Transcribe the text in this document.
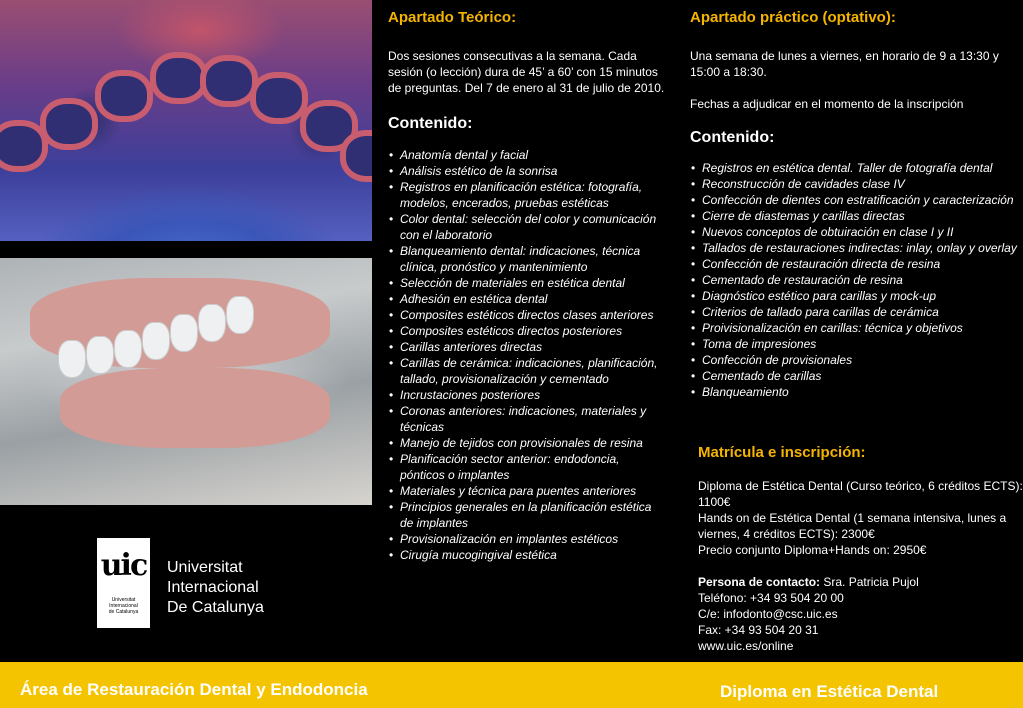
uic
Universitat
Internacional
de Catalunya
Universitat
Internacional
De Catalunya
Apartado Teórico:

Dos sesiones consecutivas a la semana. Cada sesión (o lección) dura de 45’ a 60’ con 15 minutos de preguntas. Del 7 de enero al 31 de julio de 2010.

Contenido:
• Anatomía dental y facial
• Análisis estético de la sonrisa
• Registros en planificación estética: fotografía, modelos, encerados, pruebas estéticas
• Color dental: selección del color y comunicación con el laboratorio
• Blanqueamiento dental: indicaciones, técnica clínica, pronóstico y mantenimiento
• Selección de materiales en estética dental
• Adhesión en estética dental
• Composites estéticos directos clases anteriores
• Composites estéticos directos posteriores
• Carillas anteriores directas
• Carillas de cerámica: indicaciones, planificación, tallado, provisionalización y cementado
• Incrustaciones posteriores
• Coronas anteriores: indicaciones, materiales y técnicas
• Manejo de tejidos con provisionales de resina
• Planificación sector anterior: endodoncia, pónticos o implantes
• Materiales y técnica para puentes anteriores
• Principios generales en la planificación estética de implantes
• Provisionalización en implantes estéticos
• Cirugía mucogingival estética
Apartado práctico (optativo):

Una semana de lunes a viernes, en horario de 9 a 13:30 y 15:00 a 18:30.

Fechas a adjudicar en el momento de la inscripción

Contenido:
• Registros en estética dental. Taller de fotografía dental
• Reconstrucción de cavidades clase IV
• Confección de dientes con estratificación y caracterización
• Cierre de diastemas y carillas directas
• Nuevos conceptos de obtuiración en clase I y II
• Tallados de restauraciones indirectas: inlay, onlay y overlay
• Confección de restauración directa de resina
• Cementado de restauración de resina
• Diagnóstico estético para carillas y mock-up
• Criterios de tallado para carillas de cerámica
• Proivisionalización en carillas: técnica y objetivos
• Toma de impresiones
• Confección de provisionales
• Cementado de carillas
• Blanqueamiento
Matrícula e inscripción:

Diploma de Estética Dental (Curso teórico, 6 créditos ECTS): 1100€

Hands on de Estética Dental (1 semana intensiva, lunes a viernes, 4 créditos ECTS): 2300€

Precio conjunto Diploma+Hands on: 2950€

Persona de contacto: Sra. Patricia Pujol

Teléfono: +34 93 504 20 00

C/e: infodonto@csc.uic.es

Fax: +34 93 504 20 31

www.uic.es/online

Área de Restauración Dental y Endodoncia	Diploma en Estética Dental
